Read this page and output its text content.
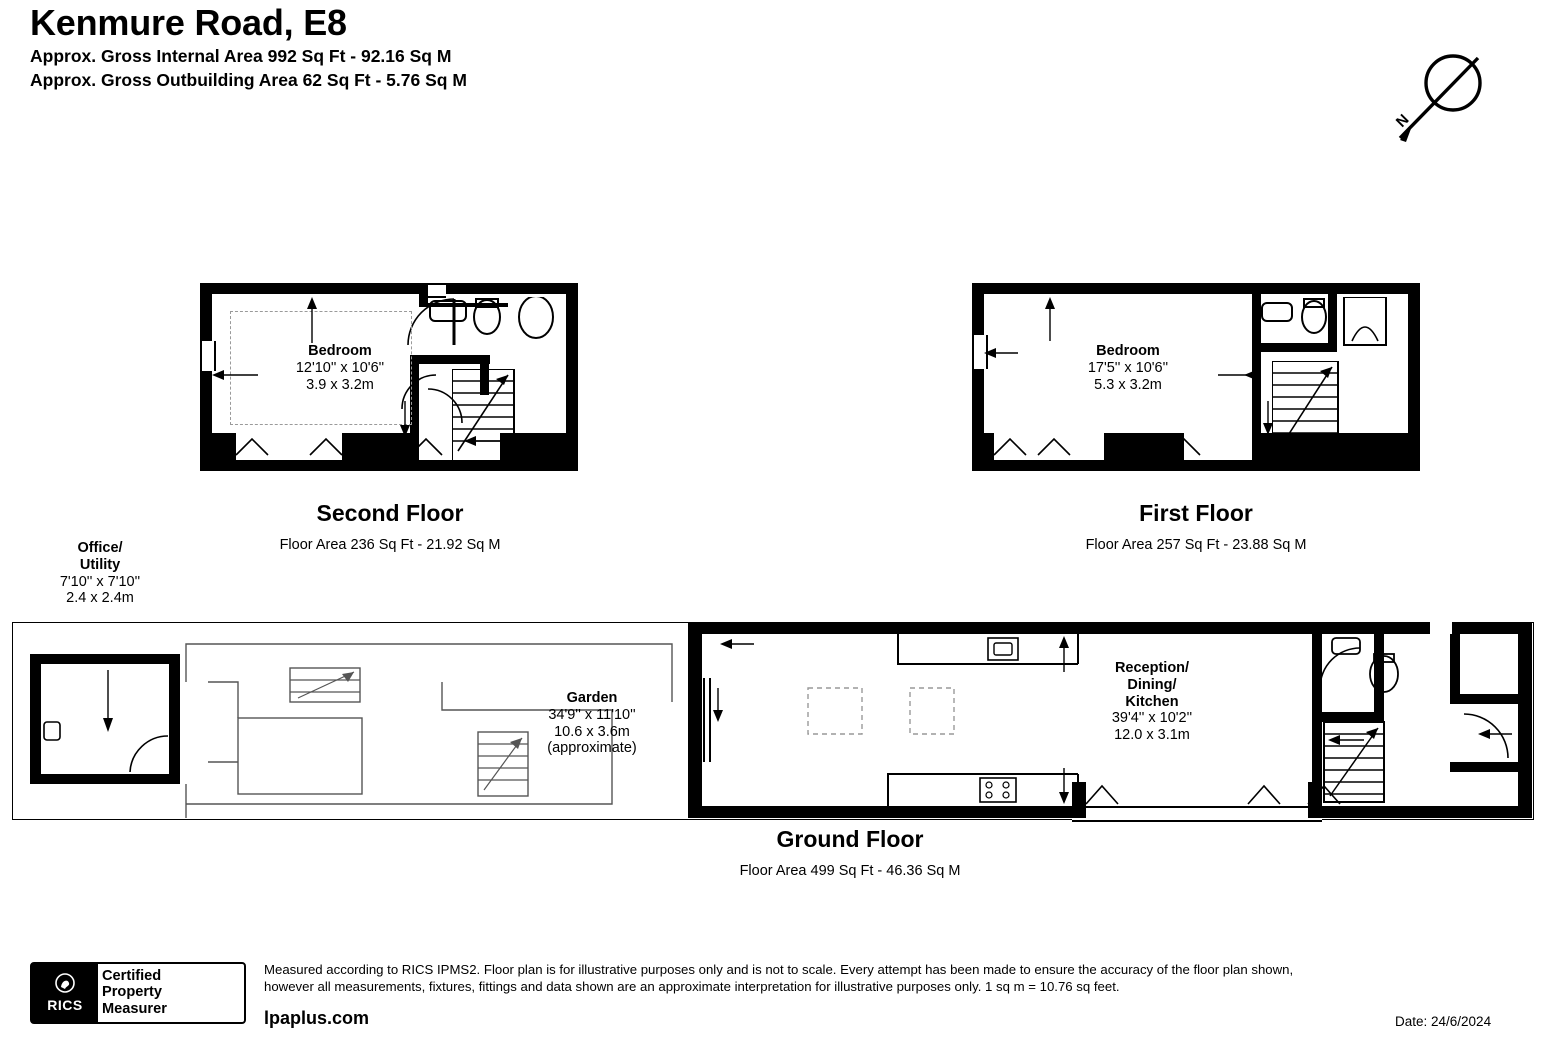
Kenmure Road, E8
Approx. Gross Internal Area 992 Sq Ft - 92.16 Sq M
Approx. Gross Outbuilding Area 62 Sq Ft - 5.76 Sq M
N
Bedroom
12'10'' x 10'6''
3.9 x 3.2m
Second Floor
Floor Area 236 Sq Ft - 21.92 Sq M
Bedroom
17'5'' x 10'6''
5.3 x 3.2m
First Floor
Floor Area 257 Sq Ft - 23.88 Sq M
Reception/
Dining/
Kitchen
39'4'' x 10'2''
12.0 x 3.1m
Garden
34'9'' x 11'10''
10.6 x 3.6m
(approximate)
Office/
Utility
7'10'' x 7'10''
2.4 x 2.4m
Ground Floor
Floor Area 499 Sq Ft - 46.36 Sq M
RICS
Certified
Property
Measurer
Measured according to RICS IPMS2. Floor plan is for illustrative purposes only and is not to scale. Every attempt has been made to ensure the accuracy of the floor plan shown,
however all measurements, fixtures, fittings and data shown are an approximate interpretation for illustrative purposes only. 1 sq m = 10.76 sq feet.
lpaplus.com	Date: 24/6/2024
